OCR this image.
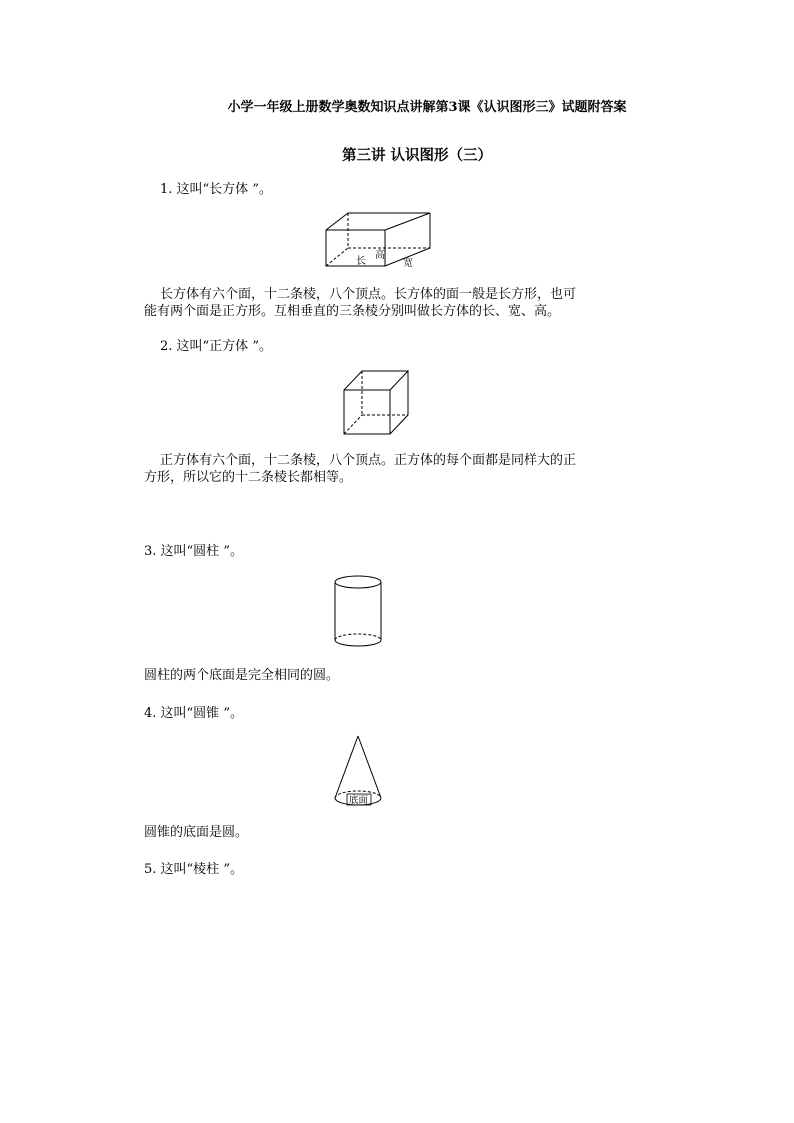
小学一年级上册数学奥数知识点讲解第3课《认识图形三》试题附答案
第三讲 认识图形（三）
1. 这叫“长方体 ”。
长
高
宽
长方体有六个面，十二条棱，八个顶点。长方体的面一般是长方形，也可
能有两个面是正方形。互相垂直的三条棱分别叫做长方体的长、宽、高。
2. 这叫“正方体 ”。
正方体有六个面，十二条棱，八个顶点。正方体的每个面都是同样大的正
方形，所以它的十二条棱长都相等。
3. 这叫“圆柱 ”。
圆柱的两个底面是完全相同的圆。
4. 这叫“圆锥 ”。
底面
圆锥的底面是圆。
5. 这叫“棱柱 ”。
